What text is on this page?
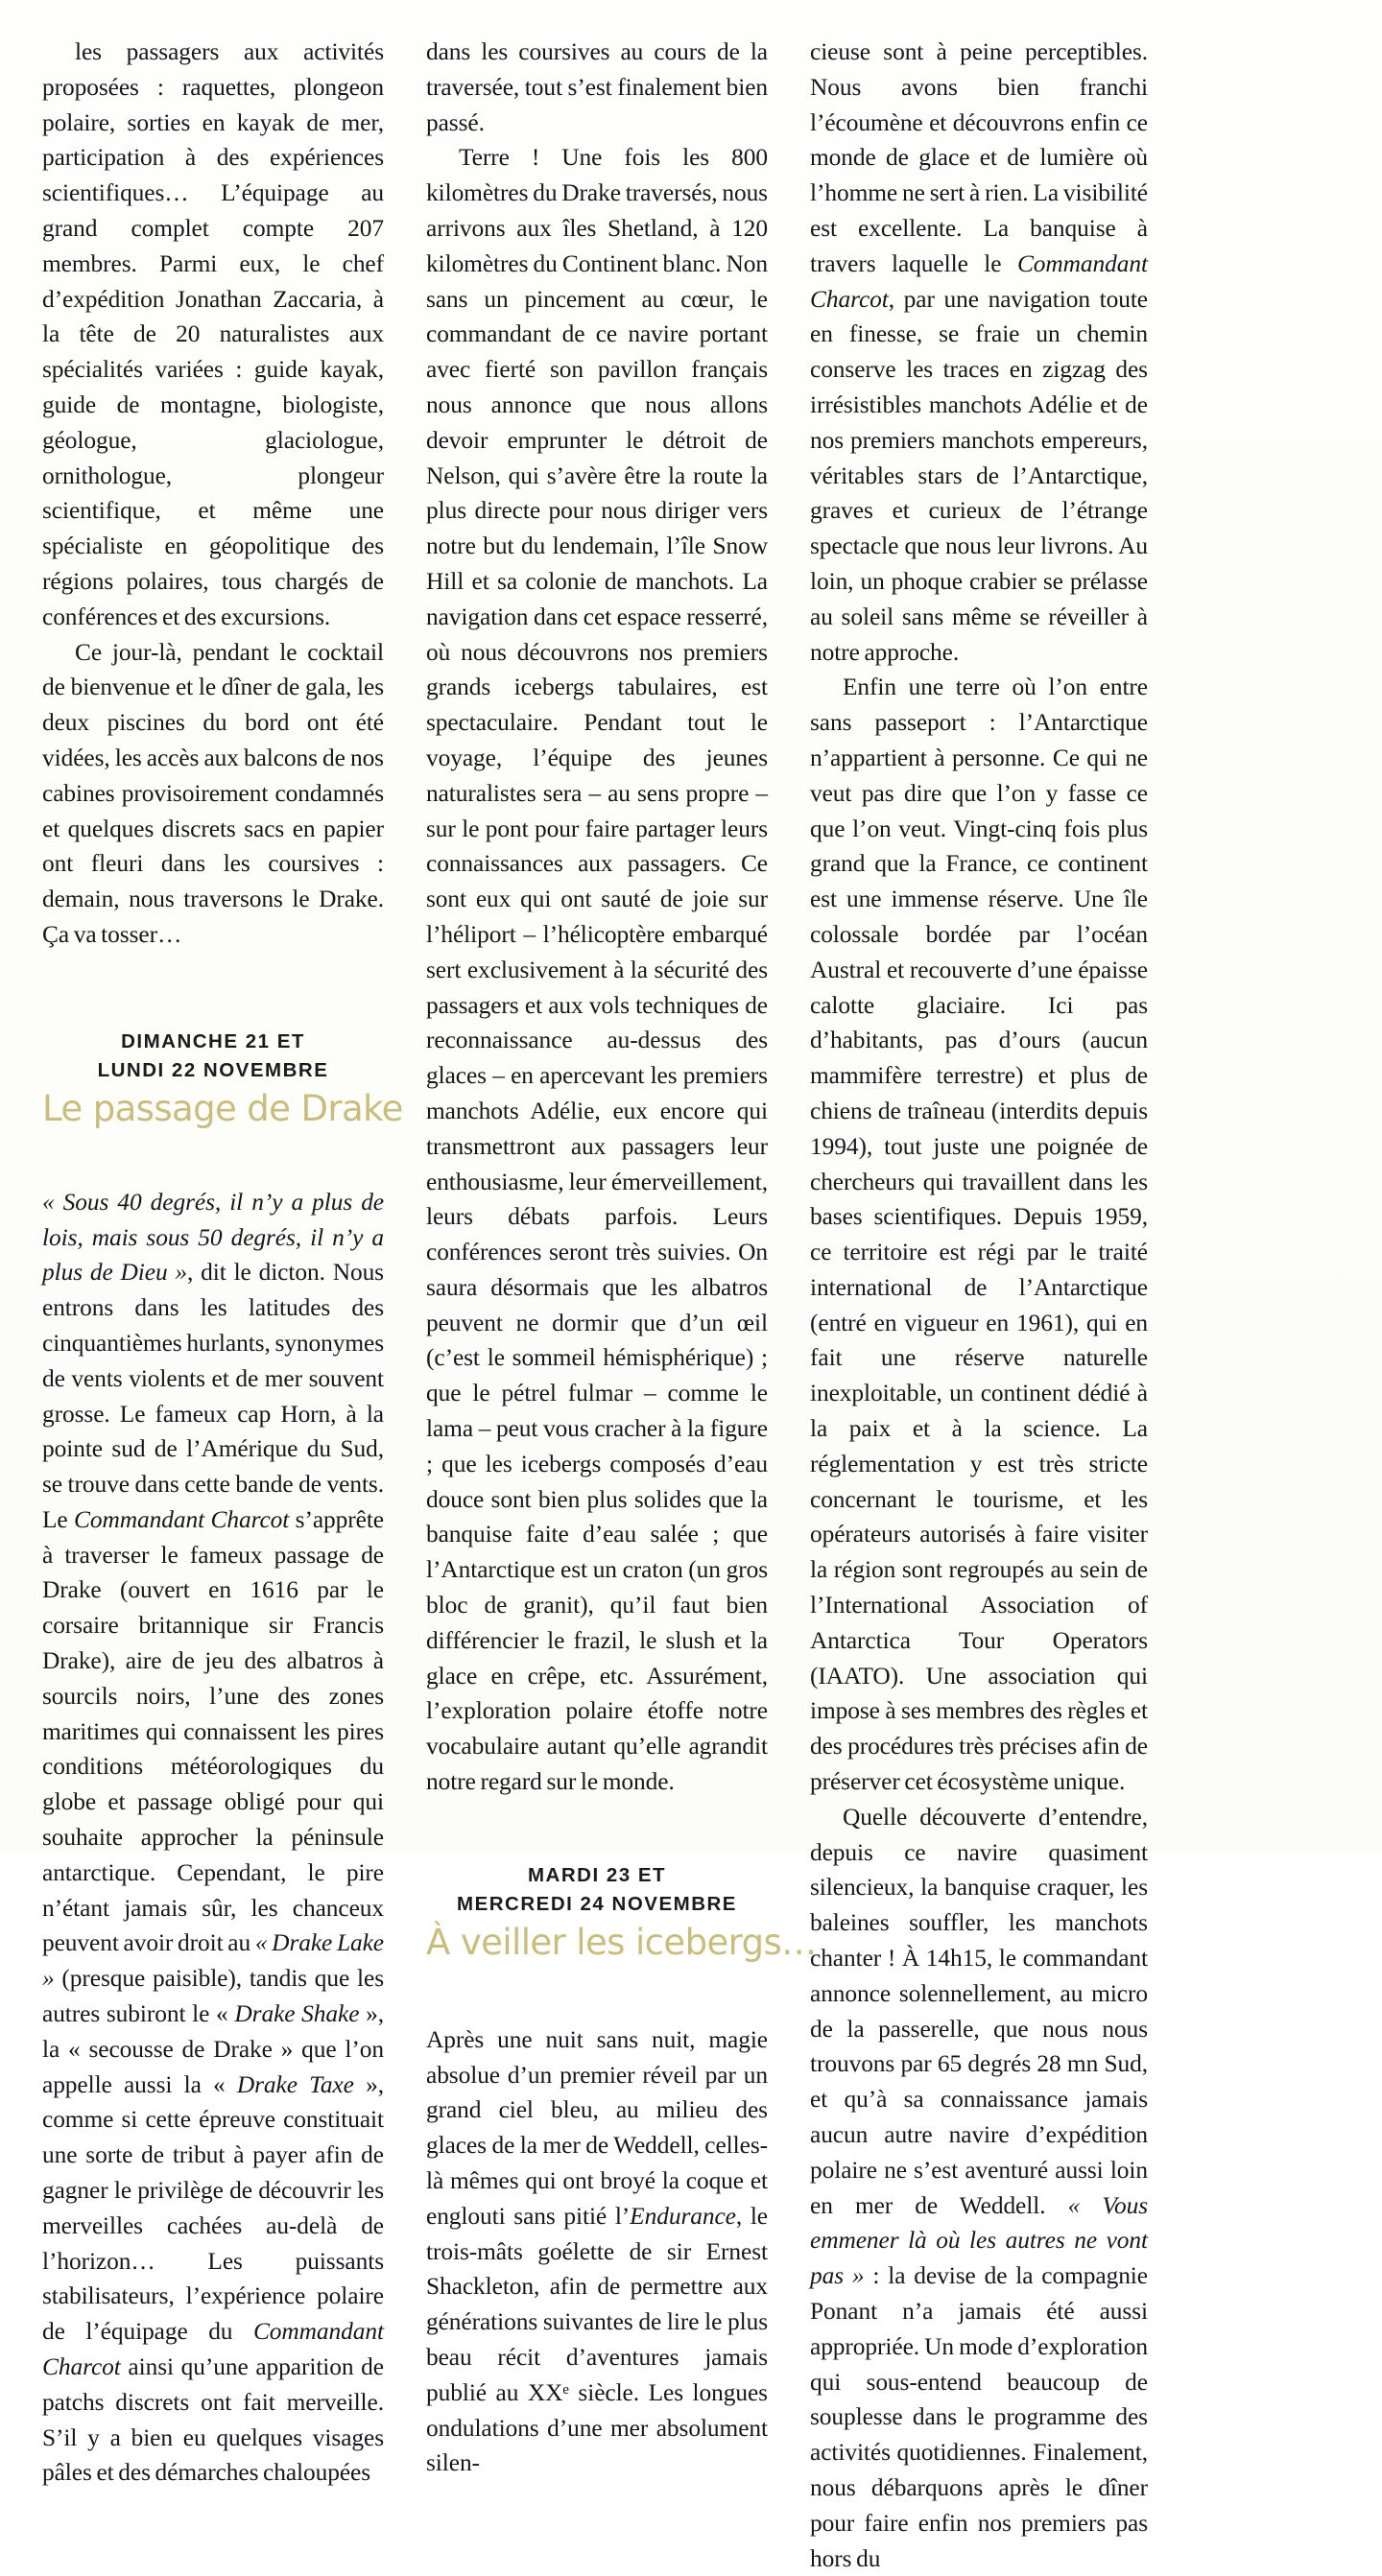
les passagers aux activités proposées : raquettes, plongeon polaire, sorties en kayak de mer, participation à des expériences scientifiques… L’équipage au grand complet compte 207 membres. Parmi eux, le chef d’expédition Jonathan Zaccaria, à la tête de 20 naturalistes aux spécialités variées : guide kayak, guide de montagne, biologiste, géologue, glaciologue, ornithologue, plongeur scientifique, et même une spécialiste en géopolitique des régions polaires, tous chargés de conférences et des excursions.

Ce jour-là, pendant le cocktail de bienvenue et le dîner de gala, les deux piscines du bord ont été vidées, les accès aux balcons de nos cabines provisoirement condamnés et quelques discrets sacs en papier ont fleuri dans les coursives : demain, nous traversons le Drake. Ça va tosser…

DIMANCHE 21 ET
LUNDI 22 NOVEMBRE
Le passage de Drake

« Sous 40 degrés, il n’y a plus de lois, mais sous 50 degrés, il n’y a plus de Dieu », dit le dicton. Nous entrons dans les latitudes des cinquantièmes hurlants, synonymes de vents violents et de mer souvent grosse. Le fameux cap Horn, à la pointe sud de l’Amérique du Sud, se trouve dans cette bande de vents. Le Commandant Charcot s’apprête à traverser le fameux passage de Drake (ouvert en 1616 par le corsaire britannique sir Francis Drake), aire de jeu des albatros à sourcils noirs, l’une des zones maritimes qui connaissent les pires conditions météorologiques du globe et passage obligé pour qui souhaite approcher la péninsule antarctique. Cependant, le pire n’étant jamais sûr, les chanceux peuvent avoir droit au « Drake Lake » (presque paisible), tandis que les autres subiront le « Drake Shake », la « secousse de Drake » que l’on appelle aussi la « Drake Taxe », comme si cette épreuve constituait une sorte de tribut à payer afin de gagner le privilège de découvrir les merveilles cachées au-delà de l’horizon… Les puissants stabilisateurs, l’expérience polaire de l’équipage du Commandant Charcot ainsi qu’une apparition de patchs discrets ont fait merveille. S’il y a bien eu quelques visages pâles et des démarches chaloupées

dans les coursives au cours de la traversée, tout s’est finalement bien passé.

Terre ! Une fois les 800 kilomètres du Drake traversés, nous arrivons aux îles Shetland, à 120 kilomètres du Continent blanc. Non sans un pincement au cœur, le commandant de ce navire portant avec fierté son pavillon français nous annonce que nous allons devoir emprunter le détroit de Nelson, qui s’avère être la route la plus directe pour nous diriger vers notre but du lendemain, l’île Snow Hill et sa colonie de manchots. La navigation dans cet espace resserré, où nous découvrons nos premiers grands icebergs tabulaires, est spectaculaire. Pendant tout le voyage, l’équipe des jeunes naturalistes sera – au sens propre – sur le pont pour faire partager leurs connaissances aux passagers. Ce sont eux qui ont sauté de joie sur l’héliport – l’hélicoptère embarqué sert exclusivement à la sécurité des passagers et aux vols techniques de reconnaissance au-dessus des glaces – en apercevant les premiers manchots Adélie, eux encore qui transmettront aux passagers leur enthousiasme, leur émerveillement, leurs débats parfois. Leurs conférences seront très suivies. On saura désormais que les albatros peuvent ne dormir que d’un œil (c’est le sommeil hémisphérique) ; que le pétrel fulmar – comme le lama – peut vous cracher à la figure ; que les icebergs composés d’eau douce sont bien plus solides que la banquise faite d’eau salée ; que l’Antarctique est un craton (un gros bloc de granit), qu’il faut bien différencier le frazil, le slush et la glace en crêpe, etc. Assurément, l’exploration polaire étoffe notre vocabulaire autant qu’elle agrandit notre regard sur le monde.

MARDI 23 ET
MERCREDI 24 NOVEMBRE
À veiller les icebergs…

Après une nuit sans nuit, magie absolue d’un premier réveil par un grand ciel bleu, au milieu des glaces de la mer de Weddell, celles-là mêmes qui ont broyé la coque et englouti sans pitié l’Endurance, le trois-mâts goélette de sir Ernest Shackleton, afin de permettre aux générations suivantes de lire le plus beau récit d’aventures jamais publié au XXᵉ siècle. Les longues ondulations d’une mer absolument silen-

cieuse sont à peine perceptibles. Nous avons bien franchi l’écoumène et découvrons enfin ce monde de glace et de lumière où l’homme ne sert à rien. La visibilité est excellente. La banquise à travers laquelle le Commandant Charcot, par une navigation toute en finesse, se fraie un chemin conserve les traces en zigzag des irrésistibles manchots Adélie et de nos premiers manchots empereurs, véritables stars de l’Antarctique, graves et curieux de l’étrange spectacle que nous leur livrons. Au loin, un phoque crabier se prélasse au soleil sans même se réveiller à notre approche.

Enfin une terre où l’on entre sans passeport : l’Antarctique n’appartient à personne. Ce qui ne veut pas dire que l’on y fasse ce que l’on veut. Vingt-cinq fois plus grand que la France, ce continent est une immense réserve. Une île colossale bordée par l’océan Austral et recouverte d’une épaisse calotte glaciaire. Ici pas d’habitants, pas d’ours (aucun mammifère terrestre) et plus de chiens de traîneau (interdits depuis 1994), tout juste une poignée de chercheurs qui travaillent dans les bases scientifiques. Depuis 1959, ce territoire est régi par le traité international de l’Antarctique (entré en vigueur en 1961), qui en fait une réserve naturelle inexploitable, un continent dédié à la paix et à la science. La réglementation y est très stricte concernant le tourisme, et les opérateurs autorisés à faire visiter la région sont regroupés au sein de l’International Association of Antarctica Tour Operators (IAATO). Une association qui impose à ses membres des règles et des procédures très précises afin de préserver cet écosystème unique.

Quelle découverte d’entendre, depuis ce navire quasiment silencieux, la banquise craquer, les baleines souffler, les manchots chanter ! À 14h15, le commandant annonce solennellement, au micro de la passerelle, que nous nous trouvons par 65 degrés 28 mn Sud, et qu’à sa connaissance jamais aucun autre navire d’expédition polaire ne s’est aventuré aussi loin en mer de Weddell. « Vous emmener là où les autres ne vont pas » : la devise de la compagnie Ponant n’a jamais été aussi appropriée. Un mode d’exploration qui sous-entend beaucoup de souplesse dans le programme des activités quotidiennes. Finalement, nous débarquons après le dîner pour faire enfin nos premiers pas hors du
